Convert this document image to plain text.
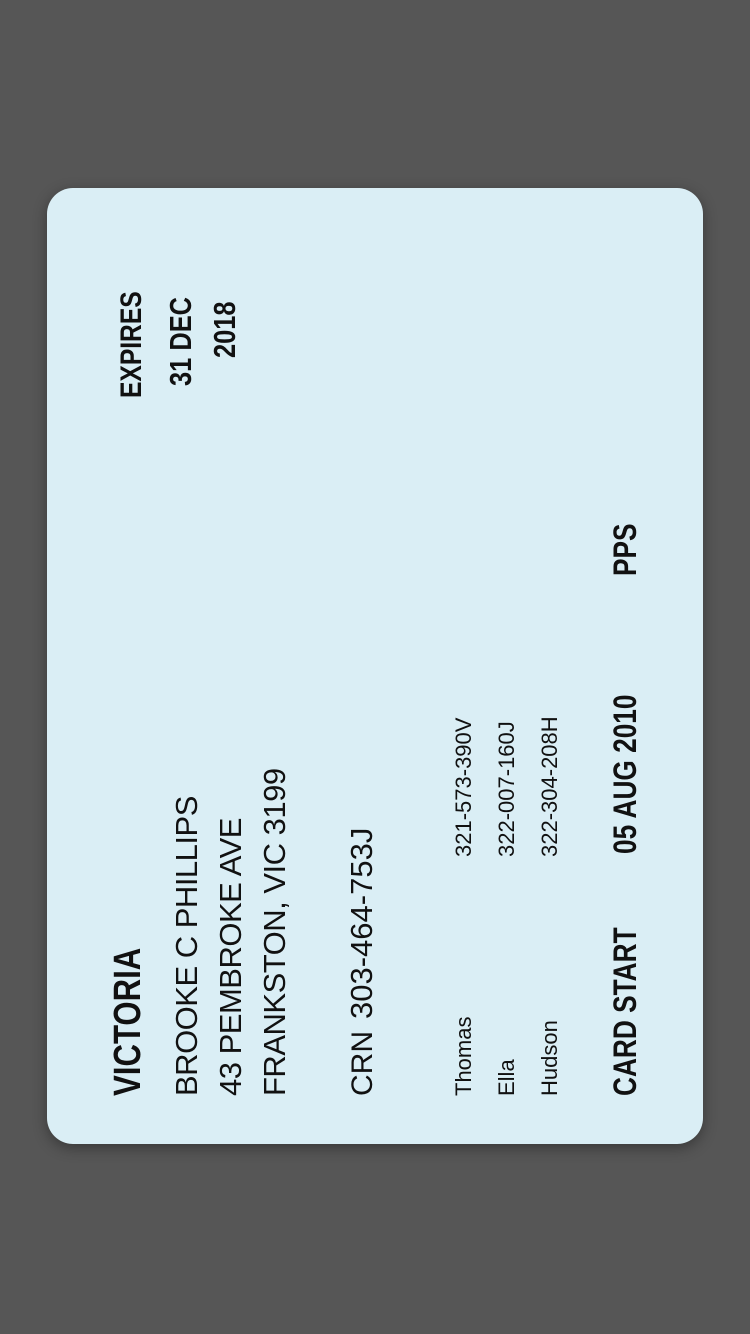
VICTORIA BROOKE C PHILLIPS 43 PEMBROKE AVE FRANKSTON, VIC 3199 CRN
303-464-753J
Thomas
321-573-390V
Ella
322-007-160J
Hudson
322-304-208H
CARD START
05 AUG 2010
PPS
EXPIRES 31 DEC 2018
